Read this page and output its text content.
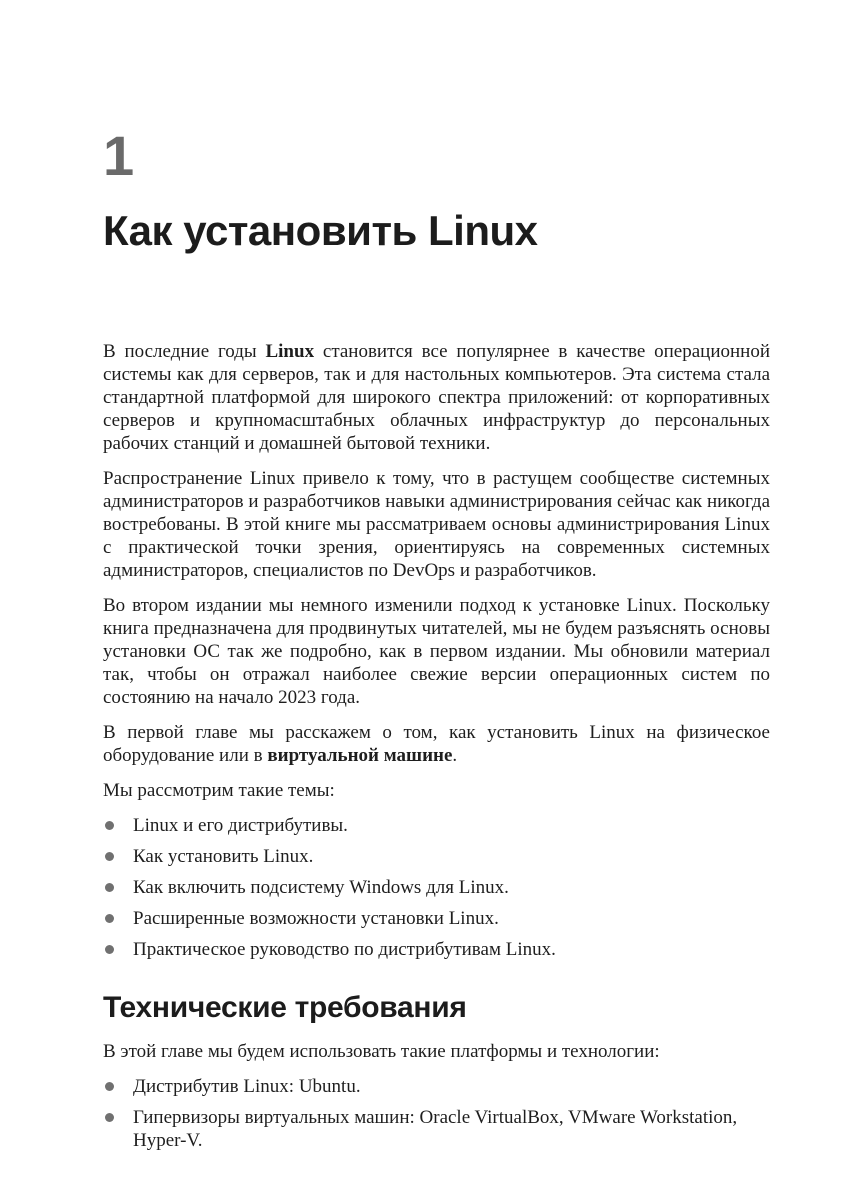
1
Как установить Linux

В последние годы Linux становится все популярнее в качестве операционной системы как для серверов, так и для настольных компьютеров. Эта система стала стандартной платформой для широкого спектра приложений: от корпоративных серверов и крупномасштабных облачных инфраструктур до персональных рабочих станций и домашней бытовой техники.

Распространение Linux привело к тому, что в растущем сообществе системных администраторов и разработчиков навыки администрирования сейчас как никогда востребованы. В этой книге мы рассматриваем основы администрирования Linux с практической точки зрения, ориентируясь на современных системных администраторов, специалистов по DevOps и разработчиков.

Во втором издании мы немного изменили подход к установке Linux. Поскольку книга предназначена для продвинутых читателей, мы не будем разъяснять основы установки ОС так же подробно, как в первом издании. Мы обновили материал так, чтобы он отражал наиболее свежие версии операционных систем по состоянию на начало 2023 года.

В первой главе мы расскажем о том, как установить Linux на физическое оборудование или в виртуальной машине.

Мы рассмотрим такие темы:

Linux и его дистрибутивы.
Как установить Linux.
Как включить подсистему Windows для Linux.
Расширенные возможности установки Linux.
Практическое руководство по дистрибутивам Linux.
Технические требования

В этой главе мы будем использовать такие платформы и технологии:

Дистрибутив Linux: Ubuntu.
Гипервизоры виртуальных машин: Oracle VirtualBox, VMware Workstation, Hyper-V.
